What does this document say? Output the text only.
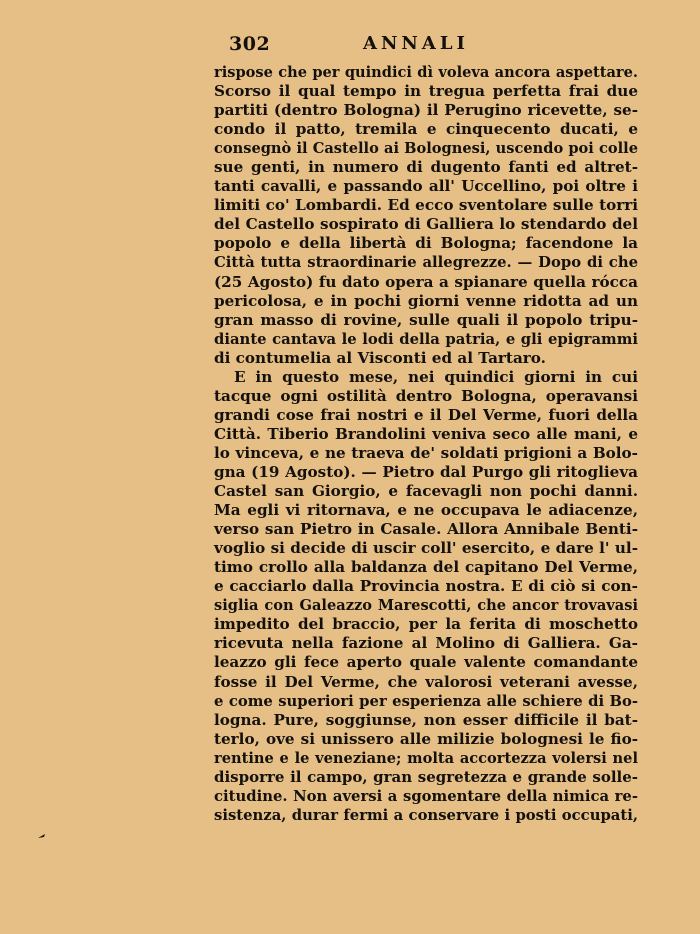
302	ANNALI
rispose che per quindici dì voleva ancora aspettare.
Scorso il qual tempo in tregua perfetta frai due
partiti (dentro Bologna) il Perugino ricevette, se-
condo il patto, tremila e cinquecento ducati, e
consegnò il Castello ai Bolognesi, uscendo poi colle
sue genti, in numero di dugento fanti ed altret-
tanti cavalli, e passando all' Uccellino, poi oltre i
limiti co' Lombardi. Ed ecco sventolare sulle torri
del Castello sospirato di Galliera lo stendardo del
popolo e della libertà di Bologna; facendone la
Città tutta straordinarie allegrezze. — Dopo di che
(25 Agosto) fu dato opera a spianare quella rócca
pericolosa, e in pochi giorni venne ridotta ad un
gran masso di rovine, sulle quali il popolo tripu-
diante cantava le lodi della patria, e gli epigrammi
di contumelia al Visconti ed al Tartaro.
E in questo mese, nei quindici giorni in cui
tacque ogni ostilità dentro Bologna, operavansi
grandi cose frai nostri e il Del Verme, fuori della
Città. Tiberio Brandolini veniva seco alle mani, e
lo vinceva, e ne traeva de' soldati prigioni a Bolo-
gna (19 Agosto). — Pietro dal Purgo gli ritoglieva
Castel san Giorgio, e facevagli non pochi danni.
Ma egli vi ritornava, e ne occupava le adiacenze,
verso san Pietro in Casale. Allora Annibale Benti-
voglio si decide di uscir coll' esercito, e dare l' ul-
timo crollo alla baldanza del capitano Del Verme,
e cacciarlo dalla Provincia nostra. E di ciò si con-
siglia con Galeazzo Marescotti, che ancor trovavasi
impedito del braccio, per la ferita di moschetto
ricevuta nella fazione al Molino di Galliera. Ga-
leazzo gli fece aperto quale valente comandante
fosse il Del Verme, che valorosi veterani avesse,
e come superiori per esperienza alle schiere di Bo-
logna. Pure, soggiunse, non esser difficile il bat-
terlo, ove si unissero alle milizie bolognesi le fio-
rentine e le veneziane; molta accortezza volersi nel
disporre il campo, gran segretezza e grande solle-
citudine. Non aversi a sgomentare della nimica re-
sistenza, durar fermi a conservare i posti occupati,
